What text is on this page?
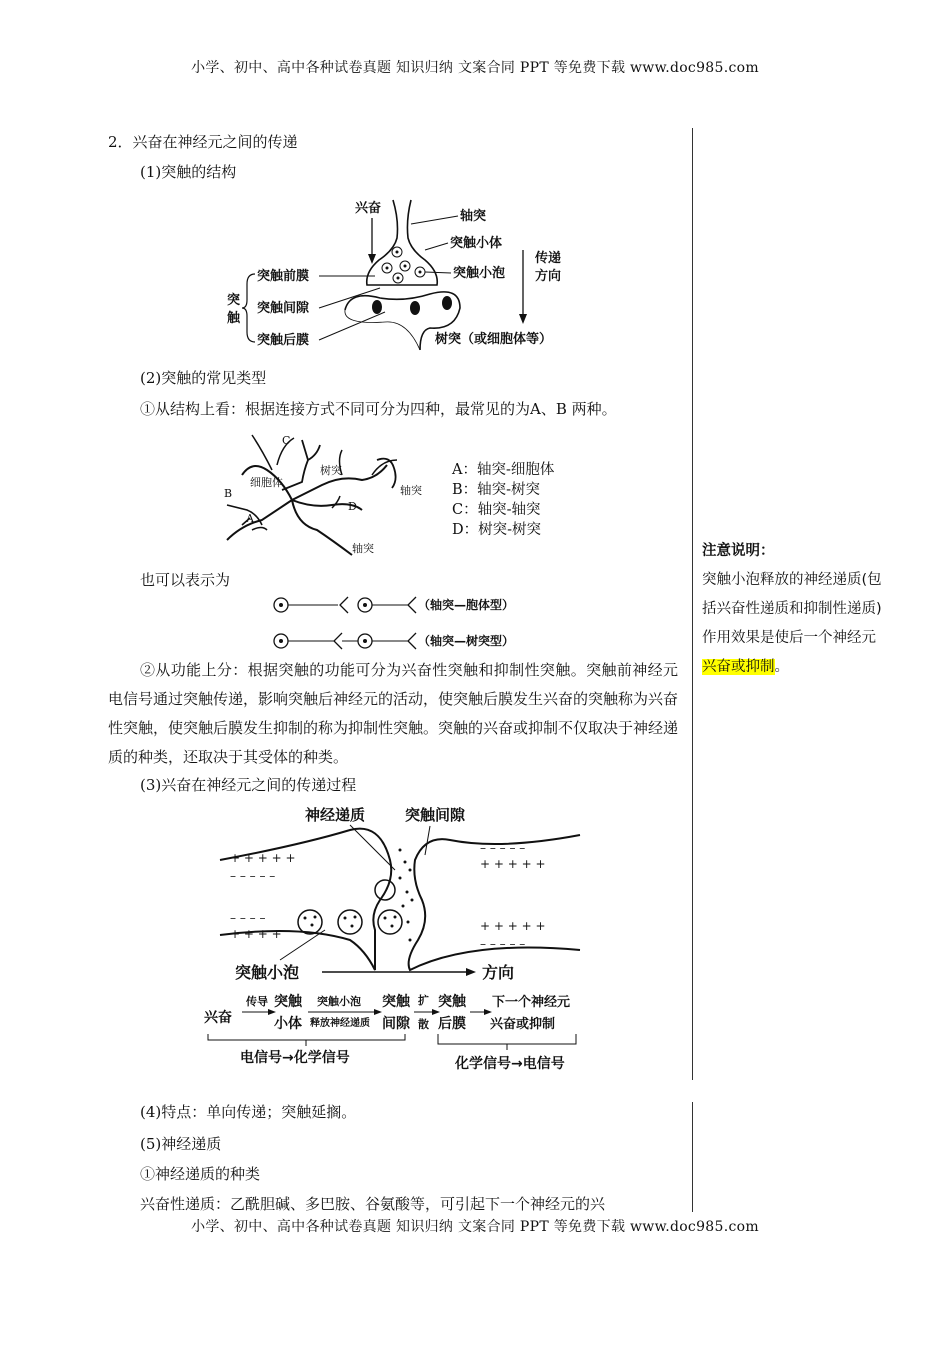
小学、初中、高中各种试卷真题 知识归纳 文案合同 PPT 等免费下载 www.doc985.com
2．兴奋在神经元之间的传递
(1)突触的结构
兴奋
轴突
突触小体
突触小泡
传递
方向
突触前膜
突触间隙
突触后膜
突
触
树突（或细胞体等）
(2)突触的常见类型
①从结构上看：根据连接方式不同可分为四种，最常见的为A、B 两种。
C
B
A
D
细胞体
树突
轴突
轴突
A：轴突-细胞体
B：轴突-树突
C：轴突-轴突
D：树突-树突
也可以表示为
（轴突—胞体型）
（轴突—树突型）
②从功能上分：根据突触的功能可分为兴奋性突触和抑制性突触。突触前神经元电信号通过突触传递，影响突触后神经元的活动，使突触后膜发生兴奋的突触称为兴奋性突触，使突触后膜发生抑制的称为抑制性突触。突触的兴奋或抑制不仅取决于神经递质的种类，还取决于其受体的种类。
(3)兴奋在神经元之间的传递过程
神经递质	突触间隙
+ + + + +
– – – – –
– – – –
+ + + +
– – – – –
+ + + + +
+ + + + +
– – – – –
突触小泡	方向
兴奋
传导 突触
小体
突触小泡
释放神经递质
突触
间隙
扩
散
突触
后膜
下一个神经元
兴奋或抑制
电信号→化学信号	化学信号→电信号
(4)特点：单向传递；突触延搁。
(5)神经递质
①神经递质的种类
兴奋性递质：乙酰胆碱、多巴胺、谷氨酸等，可引起下一个神经元的兴
注意说明：
突触小泡释放的神经递质(包括兴奋性递质和抑制性递质)作用效果是使后一个神经元兴奋或抑制。
小学、初中、高中各种试卷真题 知识归纳 文案合同 PPT 等免费下载 www.doc985.com
